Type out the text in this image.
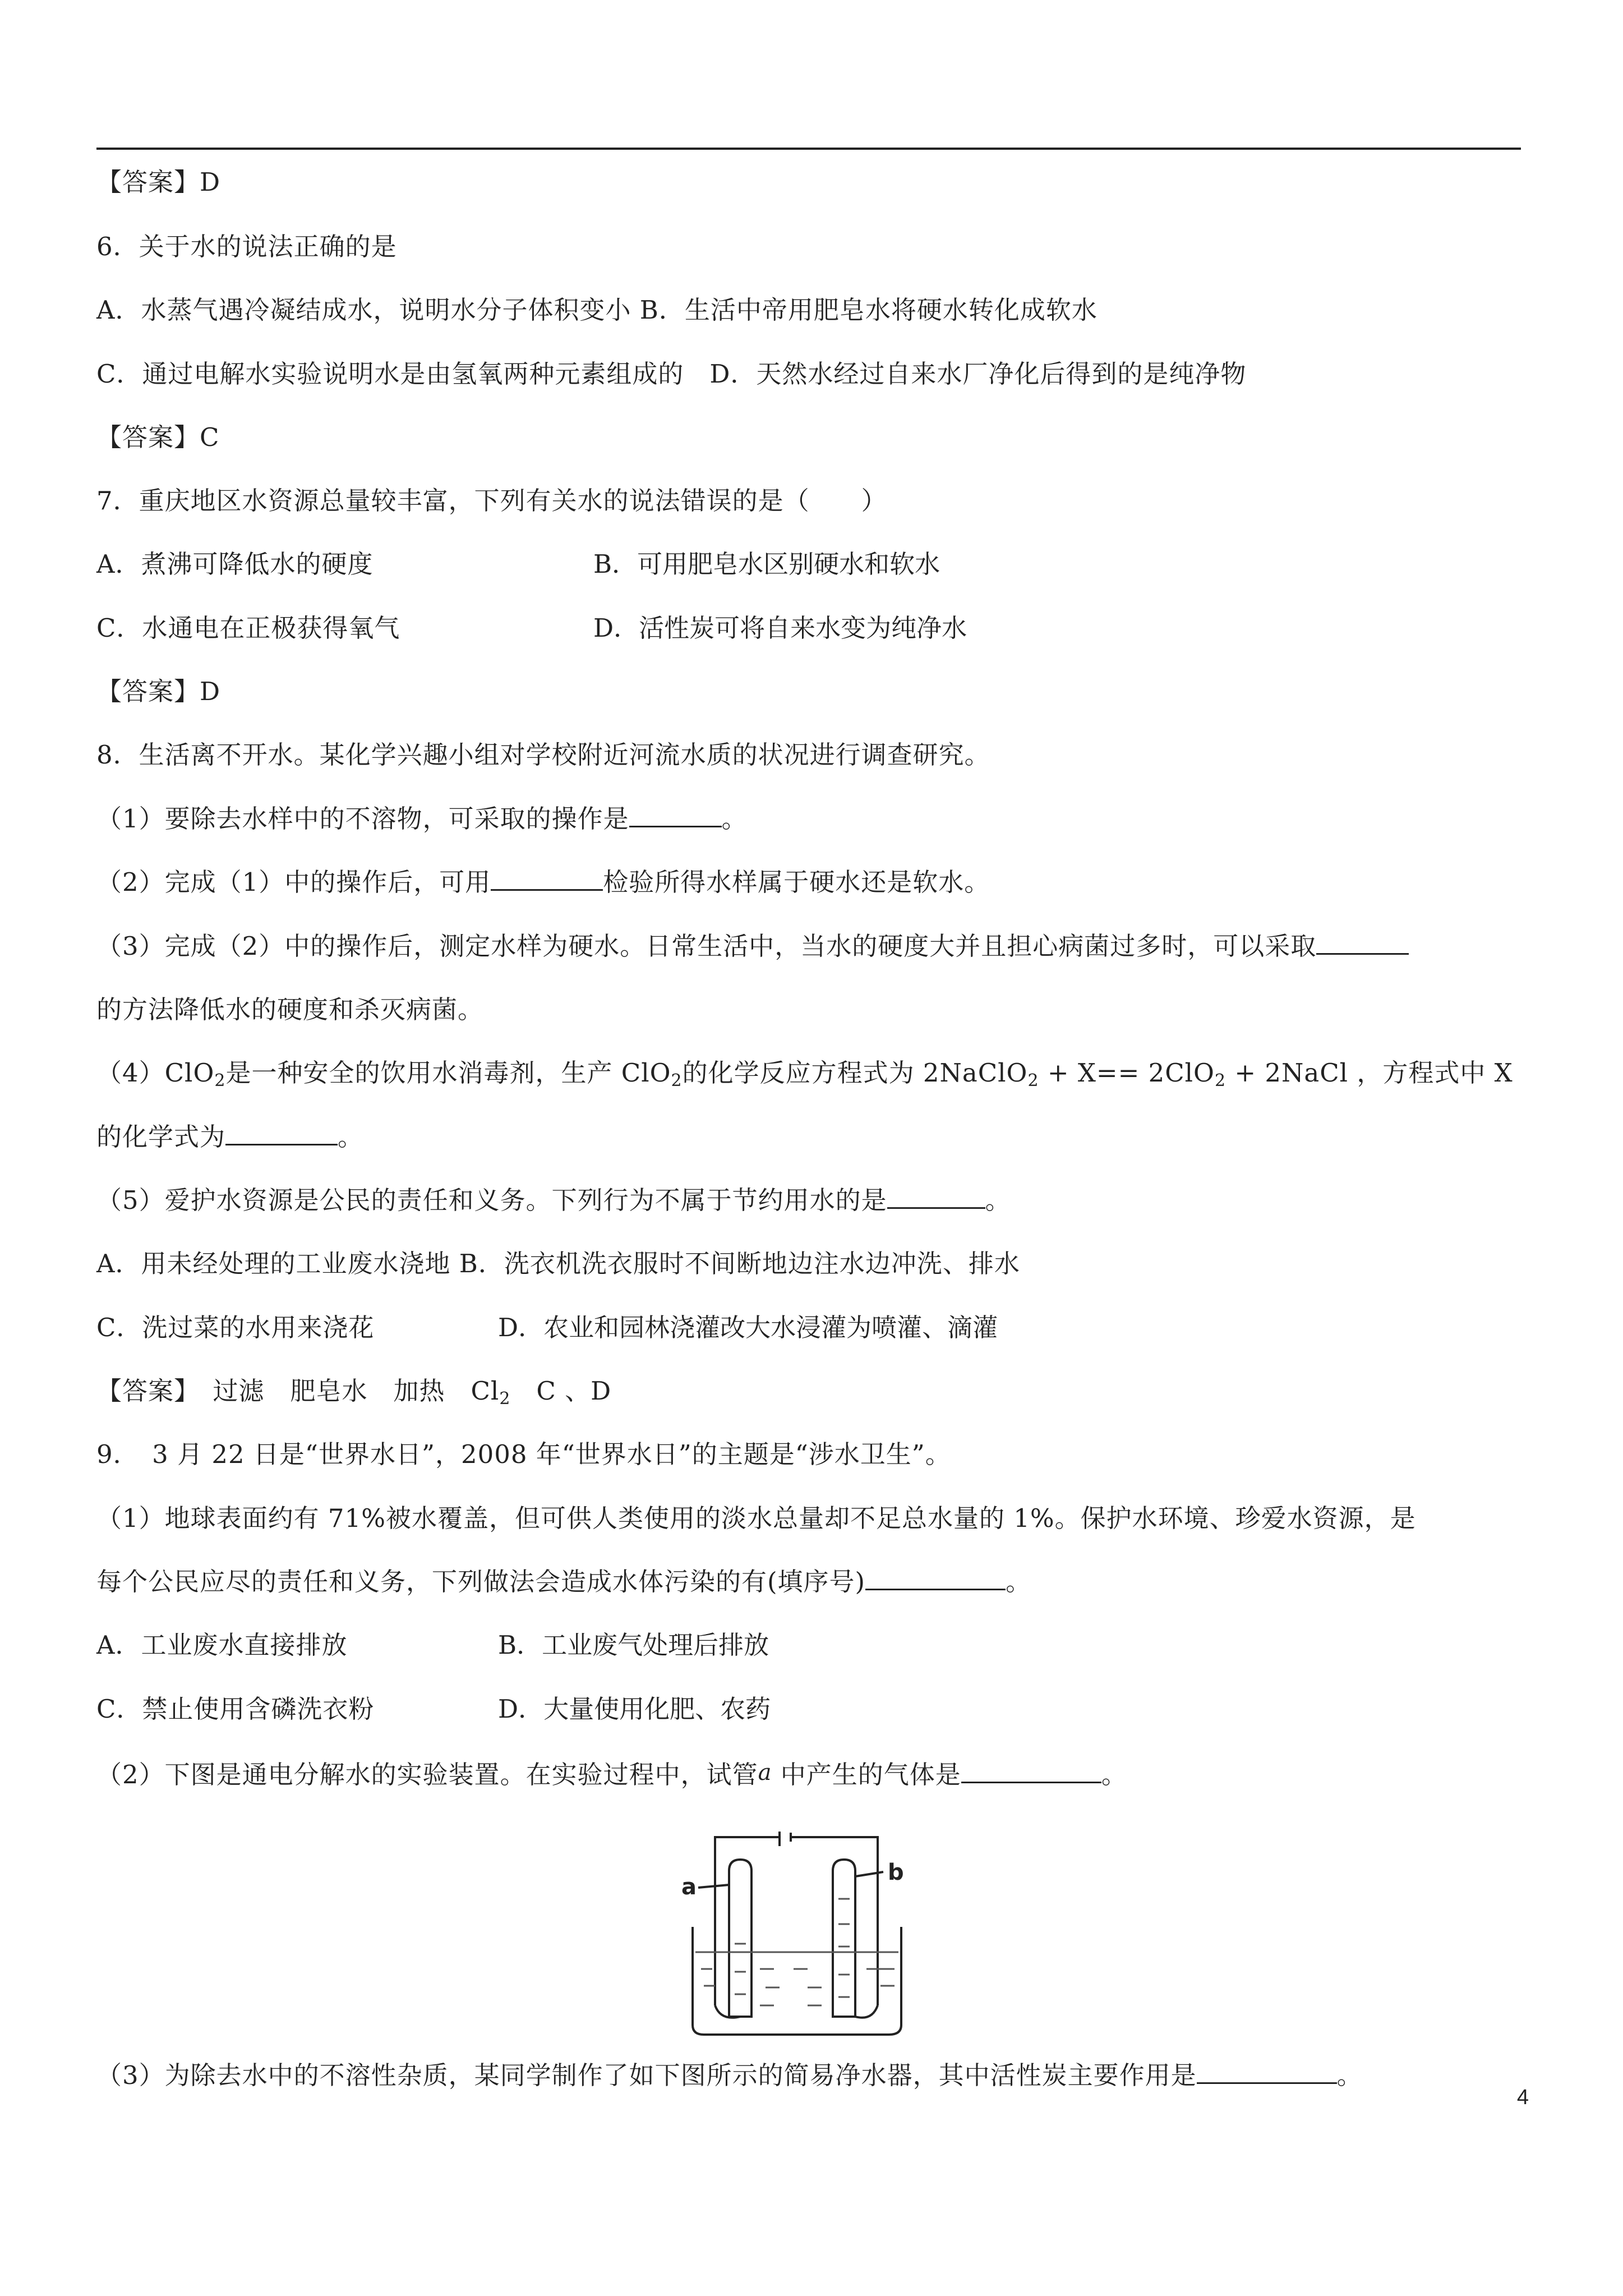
【答案】D
6．关于水的说法正确的是
A．水蒸气遇冷凝结成水，说明水分子体积变小 B．生活中帝用肥皂水将硬水转化成软水
C．通过电解水实验说明水是由氢氧两种元素组成的   D．天然水经过自来水厂净化后得到的是纯净物
【答案】C
7．重庆地区水资源总量较丰富，下列有关水的说法错误的是（　　）
A．煮沸可降低水的硬度	B．可用肥皂水区别硬水和软水
C．水通电在正极获得氧气	D．活性炭可将自来水变为纯净水
【答案】D
8．生活离不开水。某化学兴趣小组对学校附近河流水质的状况进行调查研究。
（1）要除去水样中的不溶物，可采取的操作是	。
（2）完成（1）中的操作后，可用	检验所得水样属于硬水还是软水。
（3）完成（2）中的操作后，测定水样为硬水。日常生活中，当水的硬度大并且担心病菌过多时，可以采取
的方法降低水的硬度和杀灭病菌。
（4）ClO$_2$是一种安全的饮用水消毒剂，生产 ClO$_2$的化学反应方程式为 2NaClO$_2$ + X== 2ClO$_2$ + 2NaCl ，方程式中 X
的化学式为	。
（5）爱护水资源是公民的责任和义务。下列行为不属于节约用水的是	。
A．用未经处理的工业废水浇地 B．洗衣机洗衣服时不间断地边注水边冲洗、排水
C．洗过菜的水用来浇花	D．农业和园林浇灌改大水浸灌为喷灌、滴灌
【答案】　过滤　肥皂水　加热　$Cl_2$　C 、D
9．　3 月 22 日是“世界水日”，2008 年“世界水日”的主题是“涉水卫生”。
（1）地球表面约有 71%被水覆盖，但可供人类使用的淡水总量却不足总水量的 1%。保护水环境、珍爱水资源，是
每个公民应尽的责任和义务，下列做法会造成水体污染的有(填序号)	。
A．工业废水直接排放	B．工业废气处理后排放
C．禁止使用含磷洗衣粉	D．大量使用化肥、农药
（2）下图是通电分解水的实验装置。在实验过程中，试管a 中产生的气体是	。
a
b
（3）为除去水中的不溶性杂质，某同学制作了如下图所示的简易净水器，其中活性炭主要作用是	。
4
